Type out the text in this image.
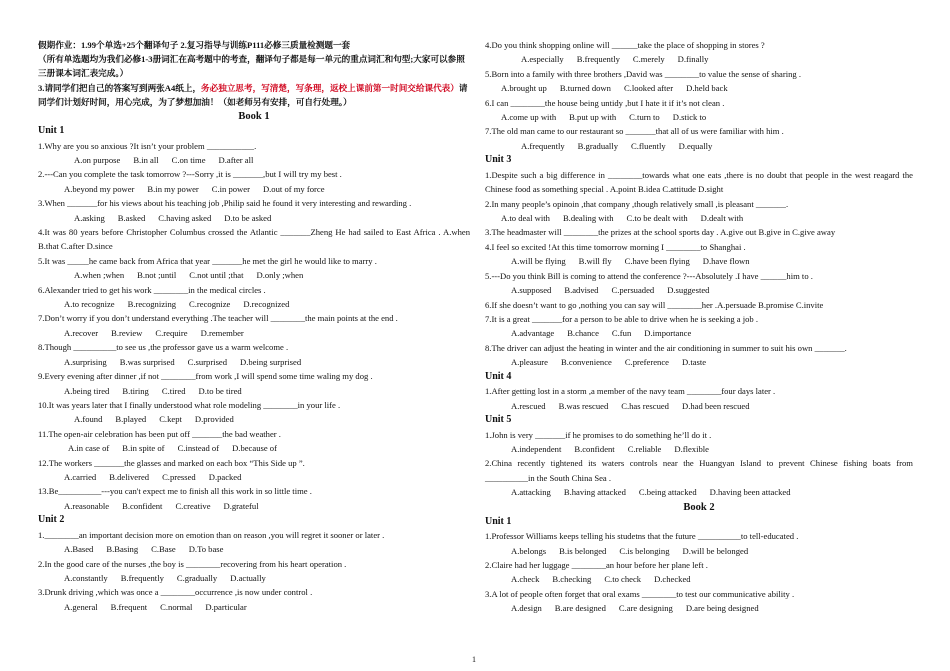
假期作业：1.99个单选+25个翻译句子 2.复习指导与训练P111必修三质量检测题一套
（所有单选题均为我们必修1-3册词汇在高考题中的考查，翻译句子都是每一单元的重点词汇和句型;大家可以参照三册课本词汇表完成。）
3.请同学们把自己的答案写到两张A4纸上，务必独立思考，写清楚，写条理，返校上课前第一时间交给课代表）请同学们计划好时间，用心完成，为了梦想加油！（如老师另有安排，可自行处理。）
Book 1
Unit 1
1.Why are you so anxious ?It isn’t your problem ___________.
A.on purpose B.in all C.on time D.after all
2.---Can you complete the task tomorrow ?---Sorry ,it is _______,but I will try my best .
A.beyond my power B.in my power C.in power D.out of my force
3.When _______for his views about his teaching job ,Philip said he found it very interesting and rewarding .
A.asking B.asked C.having asked D.to be asked
4.It was 80 years before Christopher Columbus crossed the Atlantic _______Zheng He had sailed to East Africa . A.when B.that C.after D.since
5.It was _____he came back from Africa that year _______he met the girl he would like to marry .
A.when ;when B.not ;until C.not until ;that D.only ;when
6.Alexander tried to get his work ________in the medical circles .
A.to recognize B.recognizing C.recognize D.recognized
7.Don’t worry if you don’t understand everything .The teacher will ________the main points at the end .
A.recover B.review C.require D.remember
8.Though __________to see us ,the professor gave us a warm welcome .
A.surprising B.was surprised C.surprised D.being surprised
9.Every evening after dinner ,if not ________from work ,I will spend some time waling my dog .
A.being tired B.tiring C.tired D.to be tired
10.It was years later that I finally understood what role modeling ________in your life .
A.found B.played C.kept D.provided
11.The open-air celebration has been put off _______the bad weather .
A.in case of B.in spite of C.instead of D.because of
12.The workers _______the glasses and marked on each box “This Side up ”.
A.carried B.delivered C.pressed D.packed
13.Be__________---you can't expect me to finish all this work in so little time .
A.reasonable B.confident C.creative D.grateful
Unit 2
1.________an important decision more on emotion than on reason ,you will regret it sooner or later .
A.Based B.Basing C.Base D.To base
2.In the good care of the nurses ,the boy is ________recovering from his heart operation .
A.constantly B.frequently C.gradually D.actually
3.Drunk driving ,which was once a ________occurrence ,is now under control .
A.general B.frequent C.normal D.particular
4.Do you think shopping online will ______take the place of shopping in stores ?
A.especially B.frequently C.merely D.finally
5.Born into a family with three brothers ,David was ________to value the sense of sharing .
A.brought up B.turned down C.looked after D.held back
6.I can ________the house being untidy ,but I hate it if it’s not clean .
A.come up with B.put up with C.turn to D.stick to
7.The old man came to our restaurant so _______that all of us were familiar with him .
A.frequently B.gradually C.fluently D.equally
Unit 3
1.Despite such a big difference in ________towards what one eats ,there is no doubt that people in the west reagard the Chinese food as something special . A.point B.idea C.attitude D.sight
2.In many people’s opinoin ,that company ,though relatively small ,is pleasant _______.
A.to deal with B.dealing with C.to be dealt with D.dealt with
3.The headmaster will ________the prizes at the school sports day . A.give out B.give in C.give away
4.I feel so excited !At this time tomorrow morning I ________to Shanghai .
A.will be flying B.will fly C.have been flying D.have flown
5.---Do you think Bill is coming to attend the conference ?---Absolutely .I have ______him to .
A.supposed B.advised C.persuaded D.suggested
6.If she doesn’t want to go ,nothing you can say will ________her .A.persuade B.promise C.invite
7.It is a great _______for a person to be able to drive when he is seeking a job .
A.advantage B.chance C.fun D.importance
8.The driver can adjust the heating in winter and the air conditioning in summer to suit his own _______.
A.pleasure B.convenience C.preference D.taste
Unit 4
1.After getting lost in a storm ,a member of the navy team ________four days later .
A.rescued B.was rescued C.has rescued D.had been rescued
Unit 5
1.John is very _______if he promises to do something he’ll do it .
A.independent B.confident C.reliable D.flexible
2.China recently tightened its waters controls near the Huangyan Island to prevent Chinese fishing boats from __________in the South China Sea .
A.attacking B.having attacked C.being attacked D.having been attacked
Book 2
Unit 1
1.Professor Williams keeps telling his studetns that the future __________to tell-educated .
A.belongs B.is belonged C.is belonging D.will be belonged
2.Claire had her luggage ________an hour before her plane left .
A.check B.checking C.to check D.checked
3.A lot of people often forget that oral exams ________to test our communicative ability .
A.design B.are designed C.are designing D.are being designed
1
